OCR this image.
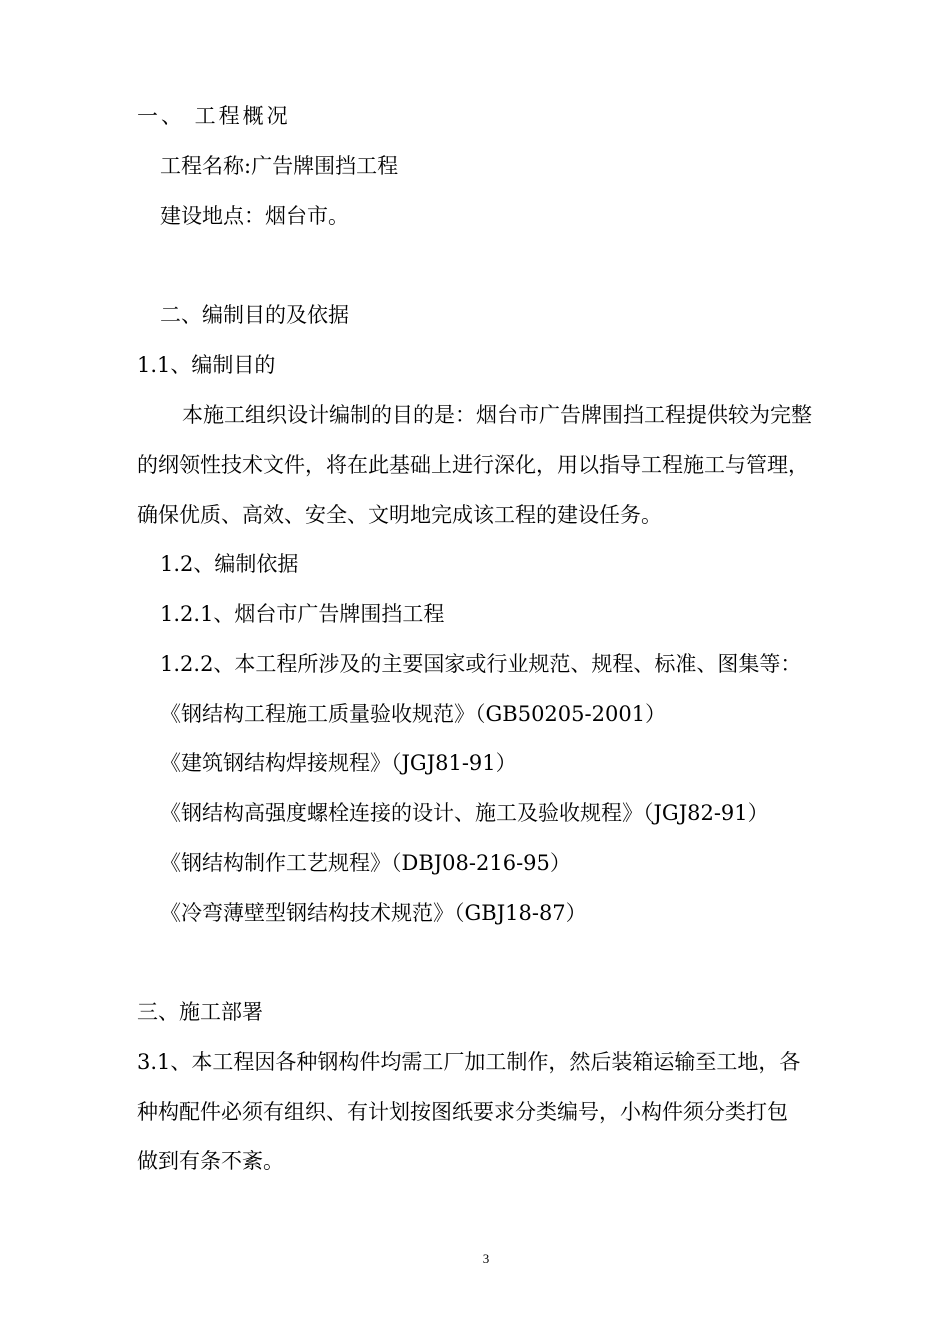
一、 工程概况
工程名称:广告牌围挡工程
建设地点：烟台市。
二、编制目的及依据
1.1、编制目的
本施工组织设计编制的目的是：烟台市广告牌围挡工程提供较为完整
的纲领性技术文件，将在此基础上进行深化，用以指导工程施工与管理，
确保优质、高效、安全、文明地完成该工程的建设任务。
1.2、编制依据
1.2.1、烟台市广告牌围挡工程
1.2.2、本工程所涉及的主要国家或行业规范、规程、标准、图集等：
《钢结构工程施工质量验收规范》（GB50205-2001）
《建筑钢结构焊接规程》（JGJ81-91）
《钢结构高强度螺栓连接的设计、施工及验收规程》（JGJ82-91）
《钢结构制作工艺规程》（DBJ08-216-95）
《冷弯薄壁型钢结构技术规范》（GBJ18-87）
三、施工部署
3.1、本工程因各种钢构件均需工厂加工制作，然后装箱运输至工地，各
种构配件必须有组织、有计划按图纸要求分类编号，小构件须分类打包
做到有条不紊。
3
